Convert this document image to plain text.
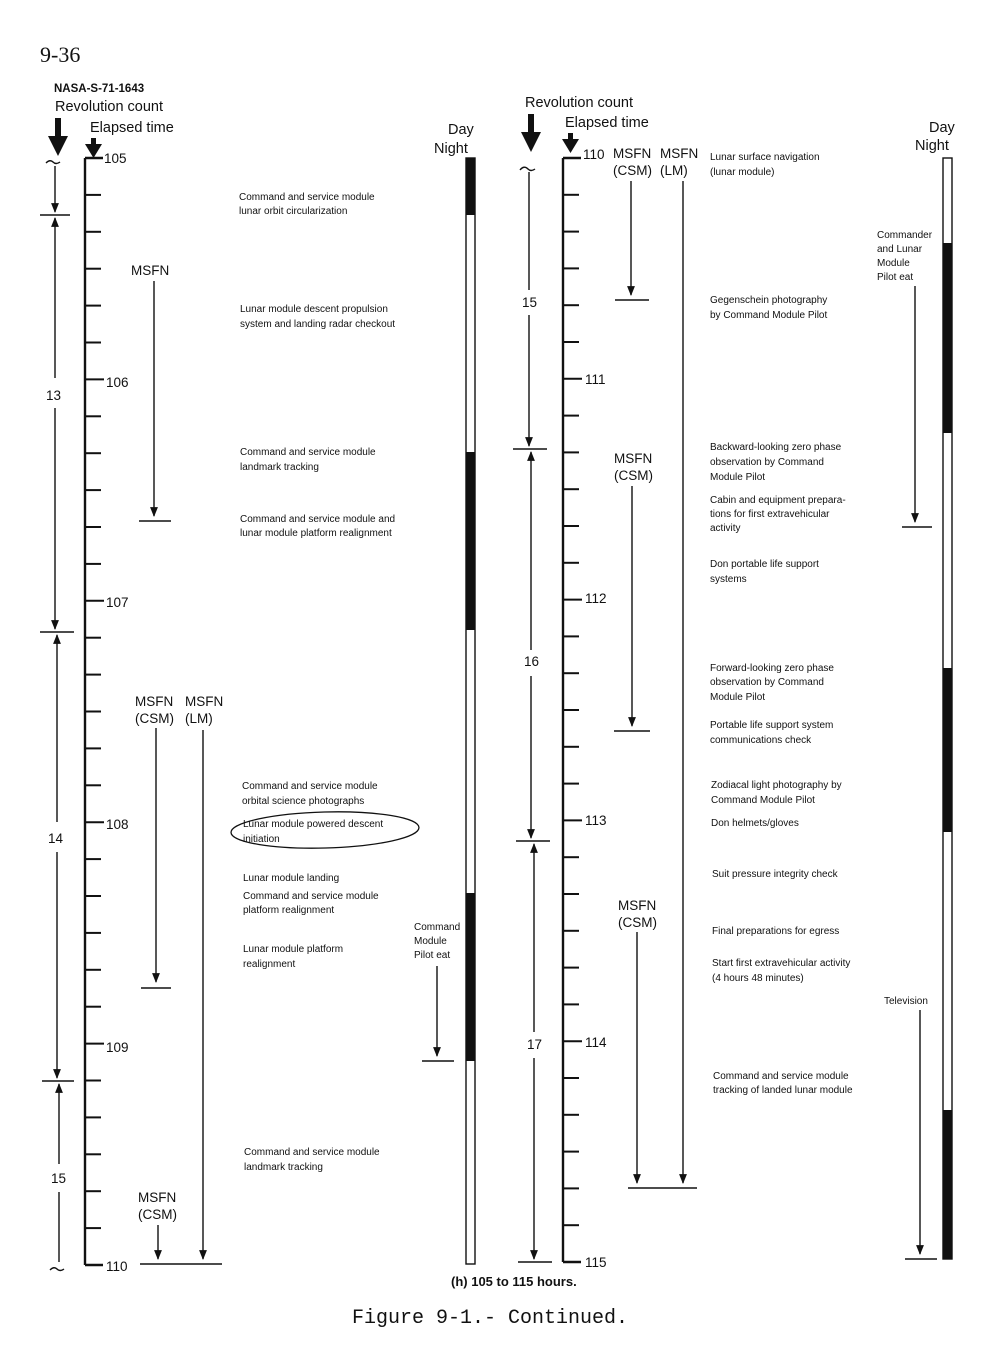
9-36
NASA-S-71-1643
Revolution count
Elapsed time
105
106
107
108
109
110
13
14
15
MSFN
MSFN
(CSM)
MSFN
(LM)
MSFN
(CSM)
Command and service module
lunar orbit circularization
Lunar module descent propulsion
system and landing radar checkout
Command and service module
landmark tracking
Command and service module and
lunar module platform realignment
Command and service module
orbital science photographs
Lunar module powered descent
initiation
Lunar module landing
Command and service module
platform realignment
Lunar module platform
realignment
Command and service module
landmark tracking
Command
Module
Pilot eat
Day
Night
Revolution count
Elapsed time
110
111
112
113
114
115
15
16
17
MSFN
(CSM)
MSFN
(LM)
MSFN
(CSM)
MSFN
(CSM)
Lunar surface navigation
(lunar module)
Gegenschein photography
by Command Module Pilot
Backward-looking zero phase
observation by Command
Module Pilot
Cabin and equipment prepara-
tions for first extravehicular
activity
Don portable life support
systems
Forward-looking zero phase
observation by Command
Module Pilot
Portable life support system
communications check
Zodiacal light photography by
Command Module Pilot
Don helmets/gloves
Suit pressure integrity check
Final preparations for egress
Start first extravehicular activity
(4 hours 48 minutes)
Command and service module
tracking of landed lunar module
Commander
and Lunar
Module
Pilot eat
Television
Day
Night
(h) 105 to 115 hours.
Figure 9-1.- Continued.
